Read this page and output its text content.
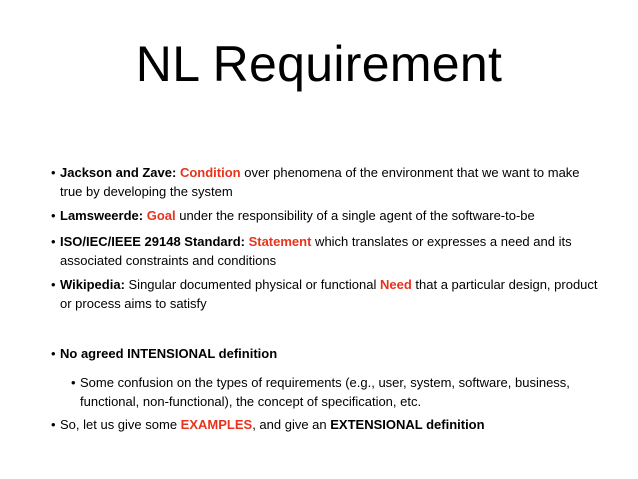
NL Requirement
• Jackson and Zave: Condition over phenomena of the environment that we want to make true by developing the system
• Lamsweerde: Goal under the responsibility of a single agent of the software-to-be
• ISO/IEC/IEEE 29148 Standard: Statement which translates or expresses a need and its associated constraints and conditions
• Wikipedia: Singular documented physical or functional Need that a particular design, product or process aims to satisfy
• No agreed INTENSIONAL definition
• Some confusion on the types of requirements (e.g., user, system, software, business, functional, non-functional), the concept of specification, etc.
• So, let us give some EXAMPLES, and give an EXTENSIONAL definition
